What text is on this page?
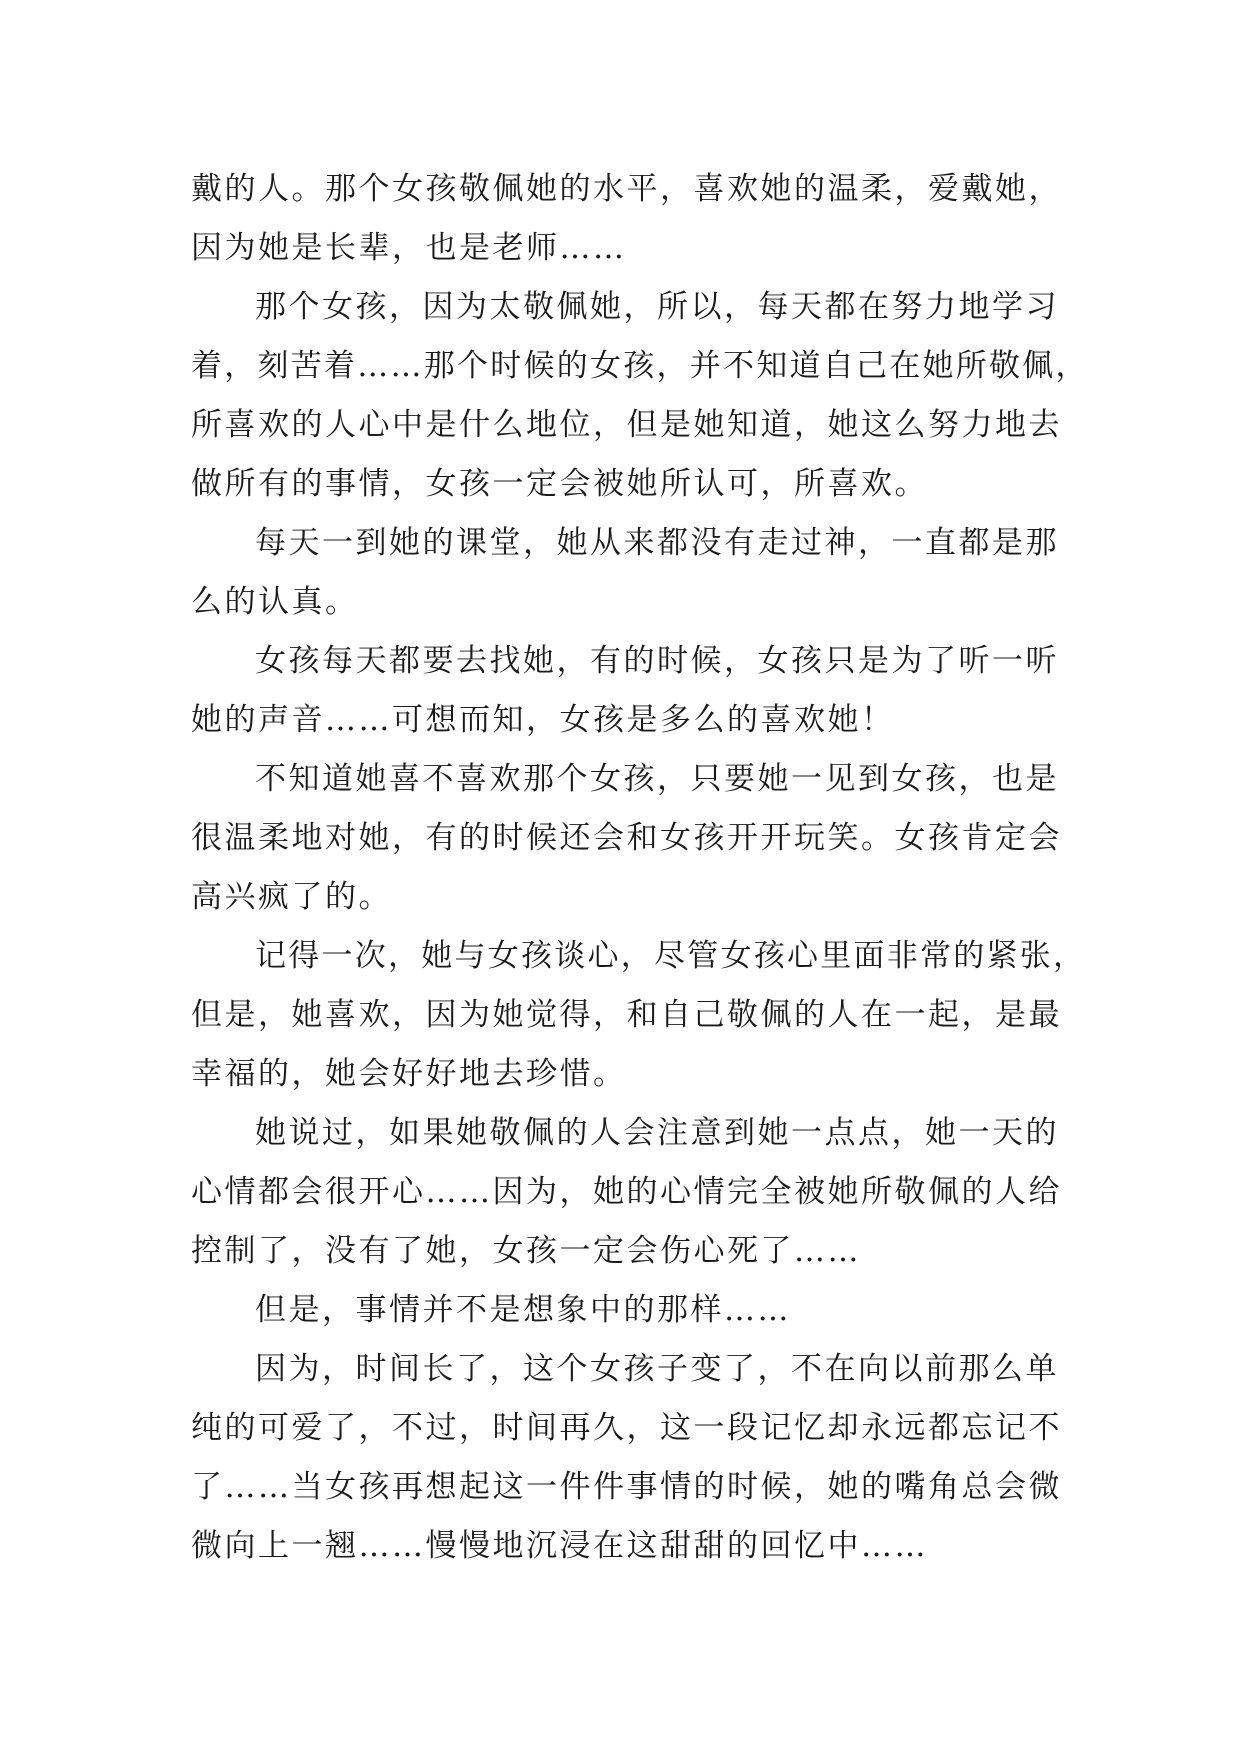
戴的人。那个女孩敬佩她的水平，喜欢她的温柔，爱戴她，
因为她是长辈，也是老师……
那个女孩，因为太敬佩她，所以，每天都在努力地学习
着，刻苦着……那个时候的女孩，并不知道自己在她所敬佩，
所喜欢的人心中是什么地位，但是她知道，她这么努力地去
做所有的事情，女孩一定会被她所认可，所喜欢。
每天一到她的课堂，她从来都没有走过神，一直都是那
么的认真。
女孩每天都要去找她，有的时候，女孩只是为了听一听
她的声音……可想而知，女孩是多么的喜欢她！
不知道她喜不喜欢那个女孩，只要她一见到女孩，也是
很温柔地对她，有的时候还会和女孩开开玩笑。女孩肯定会
高兴疯了的。
记得一次，她与女孩谈心，尽管女孩心里面非常的紧张，
但是，她喜欢，因为她觉得，和自己敬佩的人在一起，是最
幸福的，她会好好地去珍惜。
她说过，如果她敬佩的人会注意到她一点点，她一天的
心情都会很开心……因为，她的心情完全被她所敬佩的人给
控制了，没有了她，女孩一定会伤心死了……
但是，事情并不是想象中的那样……
因为，时间长了，这个女孩子变了，不在向以前那么单
纯的可爱了，不过，时间再久，这一段记忆却永远都忘记不
了……当女孩再想起这一件件事情的时候，她的嘴角总会微
微向上一翘……慢慢地沉浸在这甜甜的回忆中……
